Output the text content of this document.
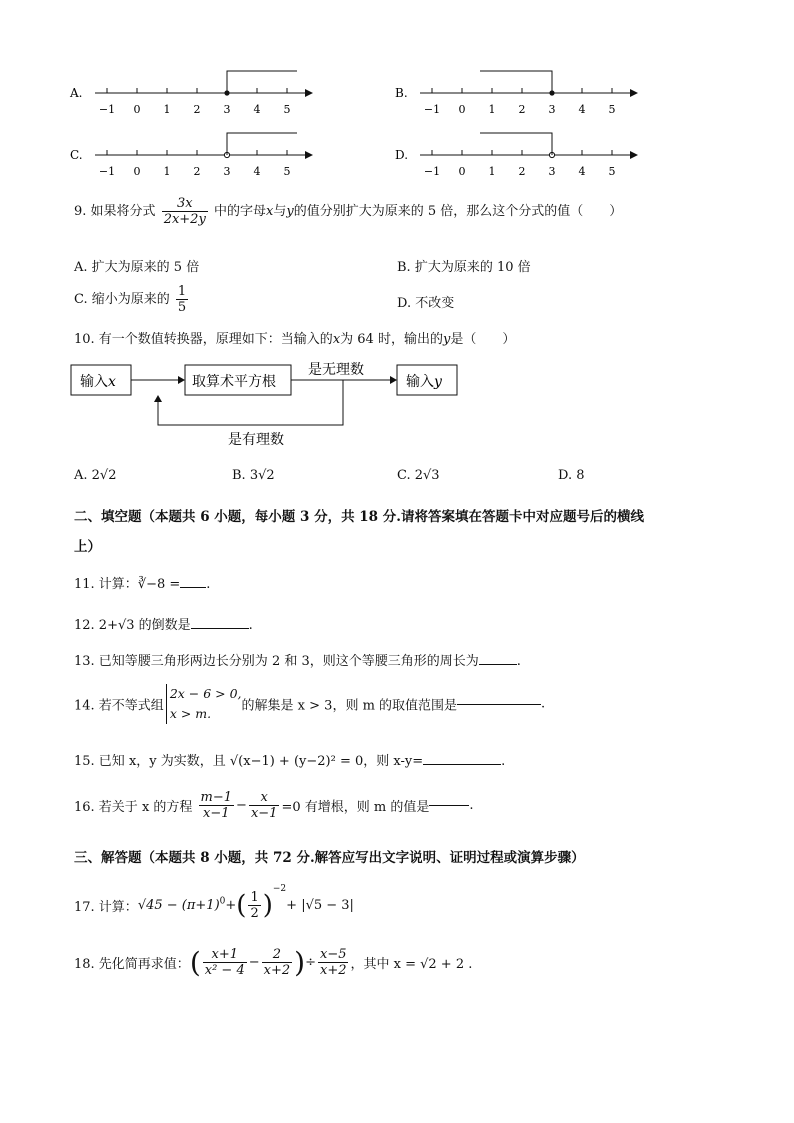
A.
−1 0 1 2 3 4 5
B.
−1 0 1 2 3 4 5
C.
−1 0 1 2 3 4 5
D.
−1 0 1 2 3 4 5
9. 如果将分式 $\frac{3x}{2x+2y}$ 中的字母x与y的值分别扩大为原来的 5 倍，那么这个分式的值（　　）
A. 扩大为原来的 5 倍	B. 扩大为原来的 10 倍
C. 缩小为原来的 $\frac{1}{5}$	D. 不改变
10. 有一个数值转换器，原理如下：当输入的x为 64 时，输出的y是（　　）
输入x	取算术平方根
是无理数
输入y
是有理数
A. 2√2	B. 3√2	C. 2√3	D. 8
二、填空题（本题共 6 小题，每小题 3 分，共 18 分.请将答案填在答题卡中对应题号后的横线
上）
11. 计算：∛−8 = .
12. 2+√3 的倒数是	.
13. 已知等腰三角形两边长分别为 2 和 3，则这个等腰三角形的周长为	.
14. 若不等式组
2x − 6 > 0,
x > m.	的解集是 x > 3，则 m 的取值范围是	.
15. 已知 x，y 为实数，且 √(x−1) + (y−2)² = 0，则 x-y=	.
16. 若关于 x 的方程 $\frac{m-1}{x-1} - \frac{x}{x-1} =0$ 有增根，则 m 的值是	.
三、解答题（本题共 8 小题，共 72 分.解答应写出文字说明、证明过程或演算步骤）
17. 计算：$√45 - (\pi+1)^0+( \frac{1}{2} )^{-2}+ |√5 - 3|$
18. 先化简再求值：( $\frac{x+1}{\text{x² − 4}} - \frac{2}{x+2}$ )÷ $\frac{x-5}{x+2}$ ，其中 x = √2 + 2 .
